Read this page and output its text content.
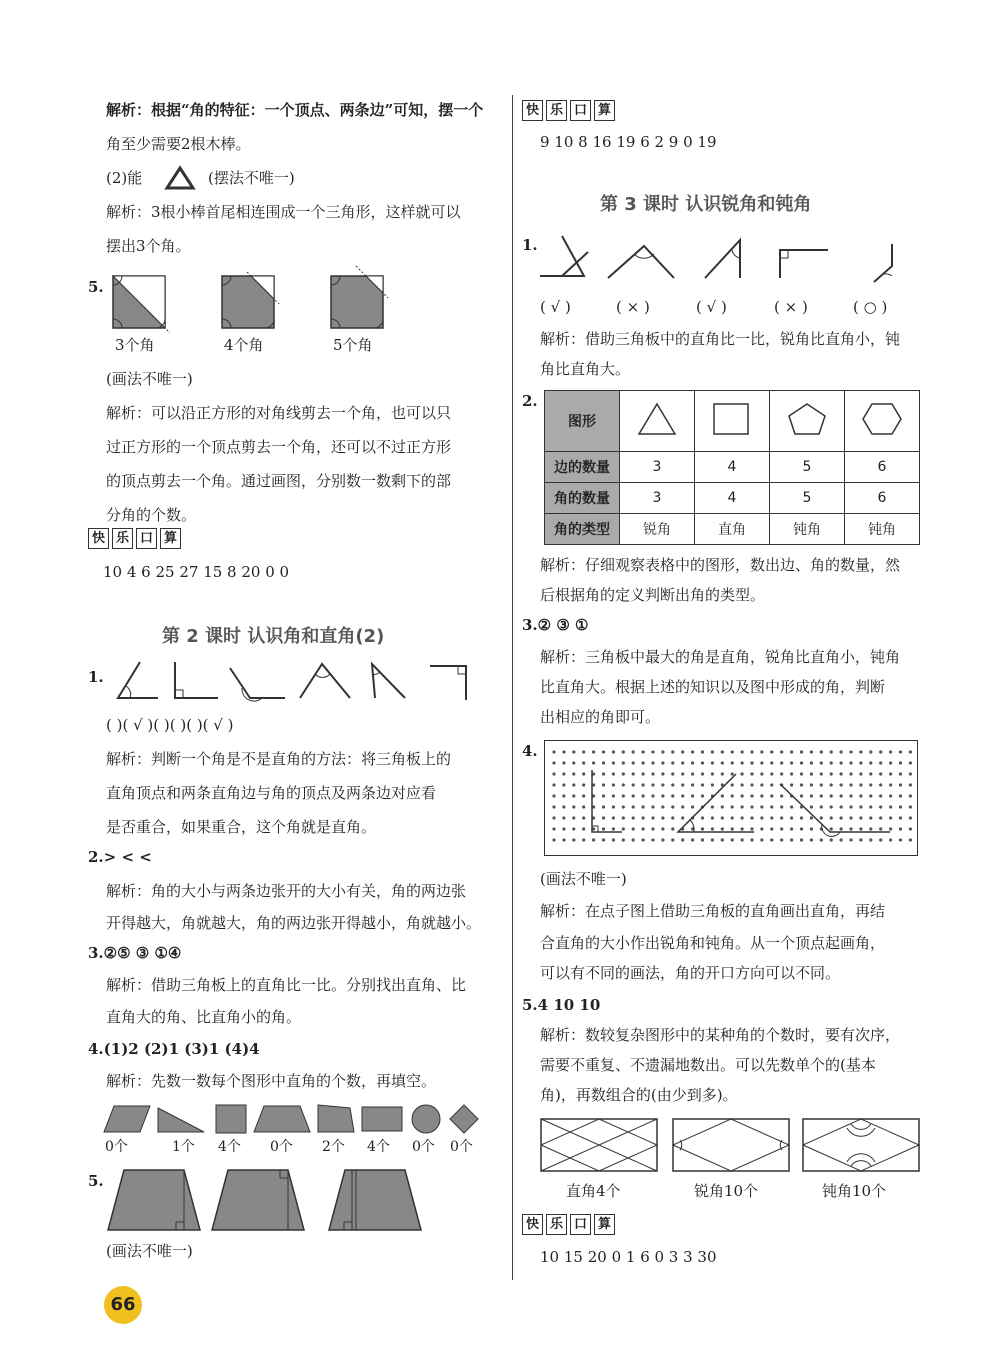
解析：根据“角的特征：一个顶点、两条边”可知，摆一个
角至少需要2根木棒。
(2)能	(摆法不唯一)
解析：3根小棒首尾相连围成一个三角形，这样就可以
摆出3个角。
5.
3个角	4个角	5个角
(画法不唯一)
解析：可以沿正方形的对角线剪去一个角，也可以只
过正方形的一个顶点剪去一个角，还可以不过正方形
的顶点剪去一个角。通过画图，分别数一数剩下的部
分角的个数。
快 乐 口 算
10 4 6 25 27 15 8 20 0 0
第 2 课时 认识角和直角(2)
1.
( )( √ )( )( )( )( √ )
解析：判断一个角是不是直角的方法：将三角板上的
直角顶点和两条直角边与角的顶点及两条边对应看
是否重合，如果重合，这个角就是直角。
2.> < <
解析：角的大小与两条边张开的大小有关，角的两边张
开得越大，角就越大，角的两边张开得越小，角就越小。
3.②⑤ ③ ①④
解析：借助三角板上的直角比一比。分别找出直角、比
直角大的角、比直角小的角。
4.(1)2 (2)1 (3)1 (4)4
解析：先数一数每个图形中直角的个数，再填空。
0个	1个 4个 0个 2个 4个 0个 0个
5.
(画法不唯一)
66
快 乐 口 算
9 10 8 16 19 6 2 9 0 19
第 3 课时 认识锐角和钝角
1.
( √ )	( × )	( √ )	( × )	( ○ )
解析：借助三角板中的直角比一比，锐角比直角小，钝
角比直角大。
2.
图形				
边的数量	3	4	5	6
角的数量	3	4	5	6
角的类型	锐角	直角	钝角	钝角
解析：仔细观察表格中的图形，数出边、角的数量，然
后根据角的定义判断出角的类型。
3.② ③ ①
解析：三角板中最大的角是直角，锐角比直角小，钝角
比直角大。根据上述的知识以及图中形成的角，判断
出相应的角即可。
4.
(画法不唯一)
解析：在点子图上借助三角板的直角画出直角，再结
合直角的大小作出锐角和钝角。从一个顶点起画角，
可以有不同的画法，角的开口方向可以不同。
5.4 10 10
解析：数较复杂图形中的某种角的个数时，要有次序，
需要不重复、不遗漏地数出。可以先数单个的(基本
角)，再数组合的(由少到多)。
直角4个	锐角10个	钝角10个
快 乐 口 算
10 15 20 0 1 6 0 3 3 30
